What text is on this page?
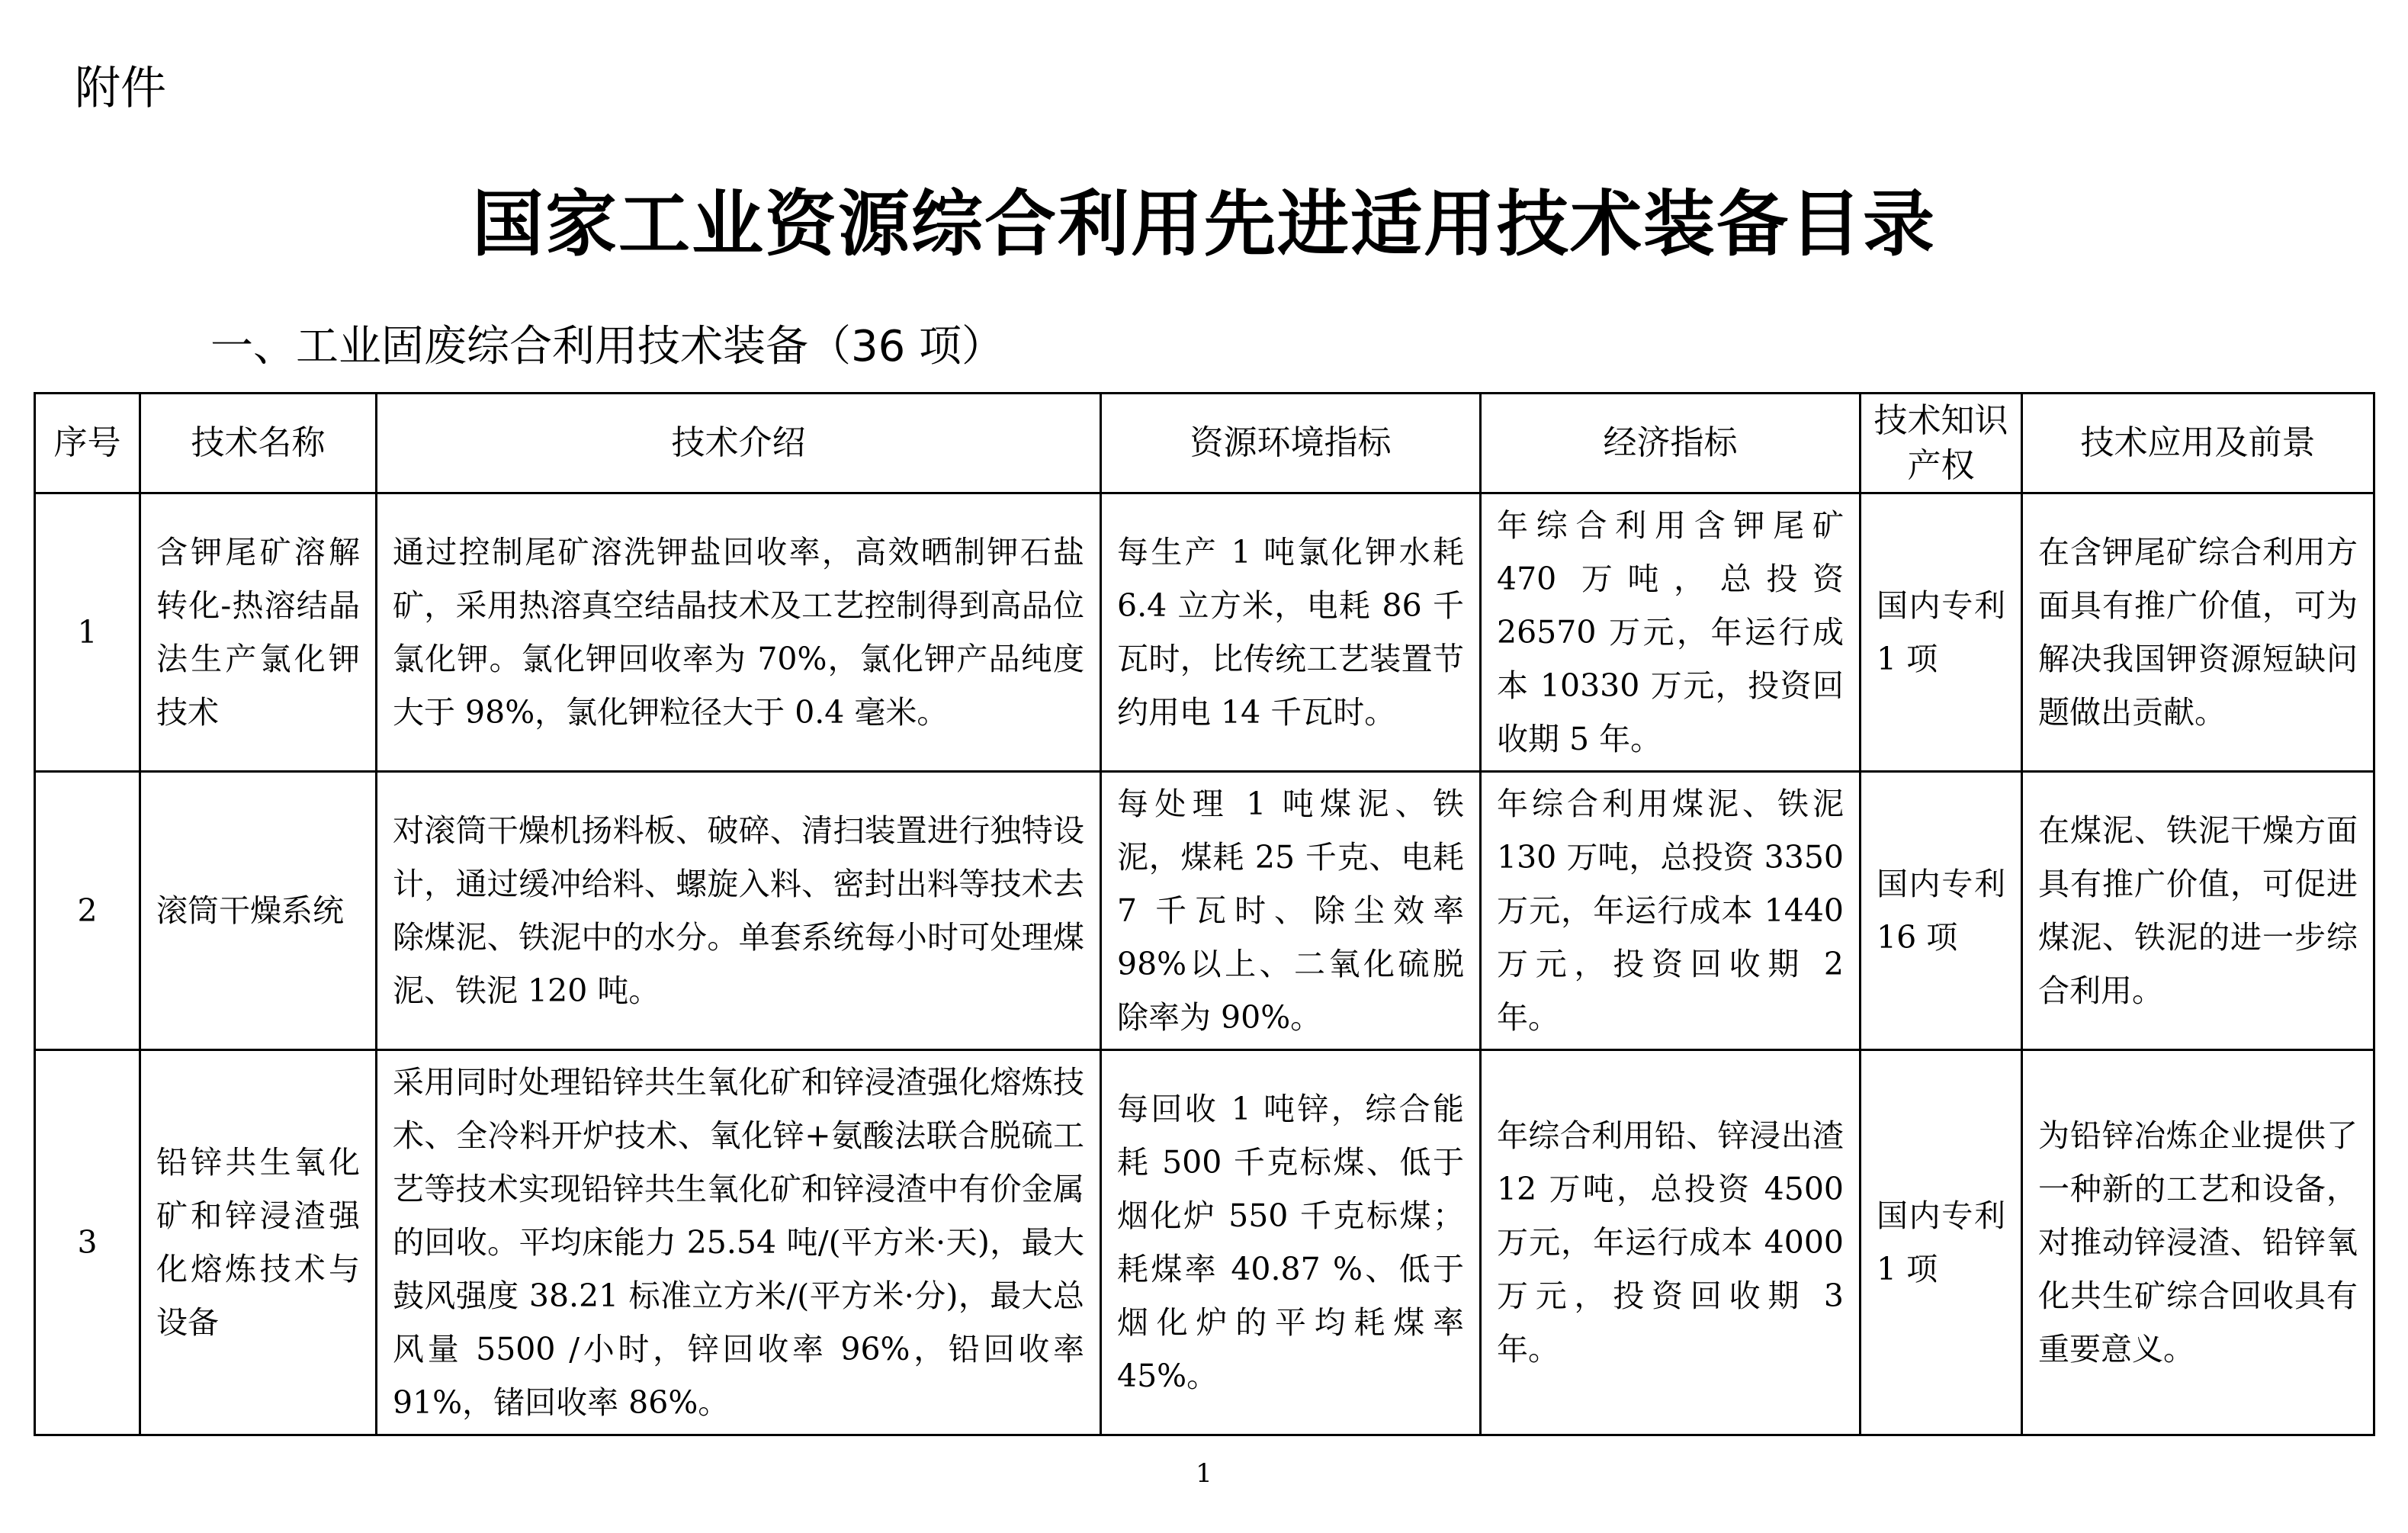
附件
国家工业资源综合利用先进适用技术装备目录
一、工业固废综合利用技术装备（36 项）
序号	技术名称	技术介绍	资源环境指标	经济指标	技术知识产权	技术应用及前景
1	含钾尾矿溶解转化-热溶结晶法生产氯化钾技术	通过控制尾矿溶洗钾盐回收率，高效晒制钾石盐矿，采用热溶真空结晶技术及工艺控制得到高品位氯化钾。氯化钾回收率为 70%，氯化钾产品纯度大于 98%，氯化钾粒径大于 0.4 毫米。	每生产 1 吨氯化钾水耗 6.4 立方米，电耗 86 千瓦时，比传统工艺装置节约用电 14 千瓦时。	年综合利用含钾尾矿 470 万吨，总投资 26570 万元，年运行成本 10330 万元，投资回收期 5 年。	国内专利 1 项	在含钾尾矿综合利用方面具有推广价值，可为解决我国钾资源短缺问题做出贡献。
2	滚筒干燥系统	对滚筒干燥机扬料板、破碎、清扫装置进行独特设计，通过缓冲给料、螺旋入料、密封出料等技术去除煤泥、铁泥中的水分。单套系统每小时可处理煤泥、铁泥 120 吨。	每处理 1 吨煤泥、铁泥，煤耗 25 千克、电耗 7 千瓦时、除尘效率 98%以上、二氧化硫脱除率为 90%。	年综合利用煤泥、铁泥 130 万吨，总投资 3350 万元，年运行成本 1440 万元，投资回收期 2 年。	国内专利 16 项	在煤泥、铁泥干燥方面具有推广价值，可促进煤泥、铁泥的进一步综合利用。
3	铅锌共生氧化矿和锌浸渣强化熔炼技术与设备	采用同时处理铅锌共生氧化矿和锌浸渣强化熔炼技术、全冷料开炉技术、氧化锌+氨酸法联合脱硫工艺等技术实现铅锌共生氧化矿和锌浸渣中有价金属的回收。平均床能力 25.54 吨/(平方米·天)，最大鼓风强度 38.21 标准立方米/(平方米·分)，最大总风量 5500 /小时，锌回收率 96%，铅回收率 91%，锗回收率 86%。	每回收 1 吨锌，综合能耗 500 千克标煤、低于烟化炉 550 千克标煤；耗煤率 40.87 %、低于烟化炉的平均耗煤率 45%。	年综合利用铅、锌浸出渣 12 万吨，总投资 4500 万元，年运行成本 4000 万元，投资回收期 3 年。	国内专利 1 项	为铅锌冶炼企业提供了一种新的工艺和设备，对推动锌浸渣、铅锌氧化共生矿综合回收具有重要意义。
1
